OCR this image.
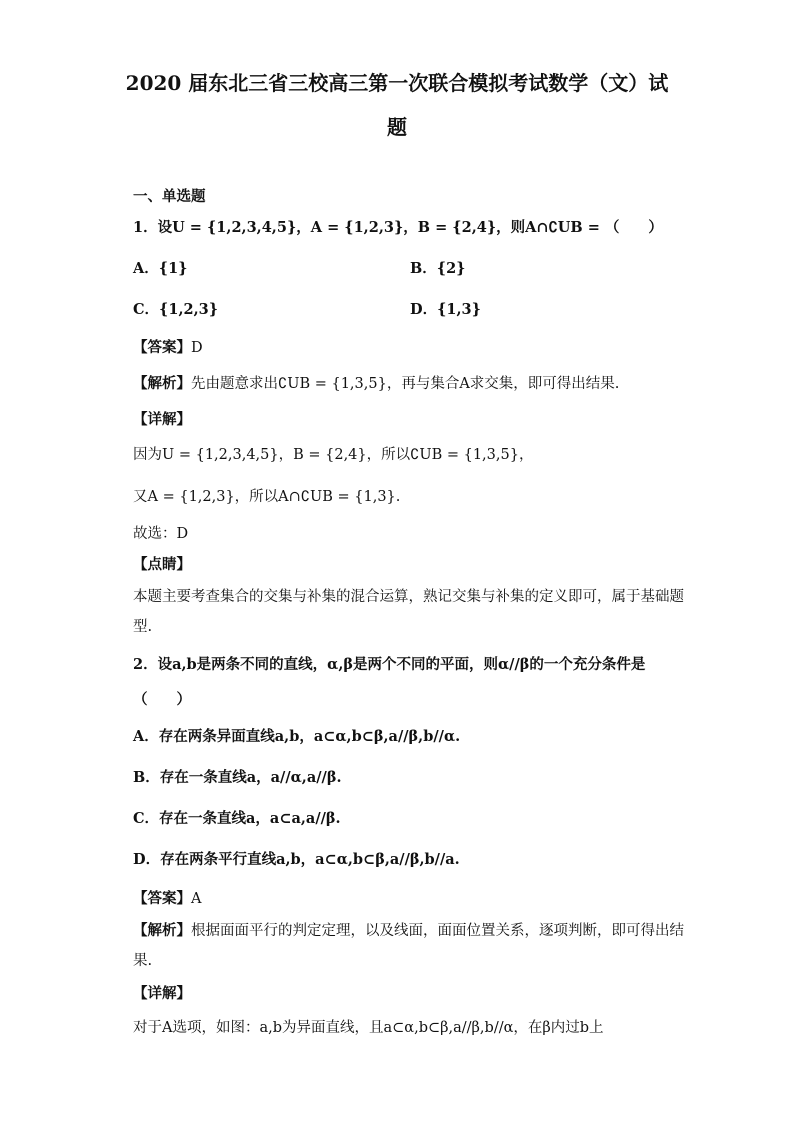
2020 届东北三省三校高三第一次联合模拟考试数学（文）试
题
一、单选题
1．设U = {1,2,3,4,5}，A = {1,2,3}，B = {2,4}，则A∩∁UB = （　　）
A．{1}	B．{2}
C．{1,2,3}	D．{1,3}
【答案】D
【解析】先由题意求出∁UB = {1,3,5}，再与集合A求交集，即可得出结果.
【详解】
因为U = {1,2,3,4,5}，B = {2,4}，所以∁UB = {1,3,5}，
又A = {1,2,3}，所以A∩∁UB = {1,3}.
故选：D
【点睛】
本题主要考查集合的交集与补集的混合运算，熟记交集与补集的定义即可，属于基础题
型.
2．设a,b是两条不同的直线，α,β是两个不同的平面，则α//β的一个充分条件是
（　　）
A．存在两条异面直线a,b，a⊂α,b⊂β,a//β,b//α.
B．存在一条直线a，a//α,a//β.
C．存在一条直线a，a⊂a,a//β.
D．存在两条平行直线a,b，a⊂α,b⊂β,a//β,b//a.
【答案】A
【解析】根据面面平行的判定定理，以及线面，面面位置关系，逐项判断，即可得出结
果.
【详解】
对于A选项，如图：a,b为异面直线，且a⊂α,b⊂β,a//β,b//α，在β内过b上
